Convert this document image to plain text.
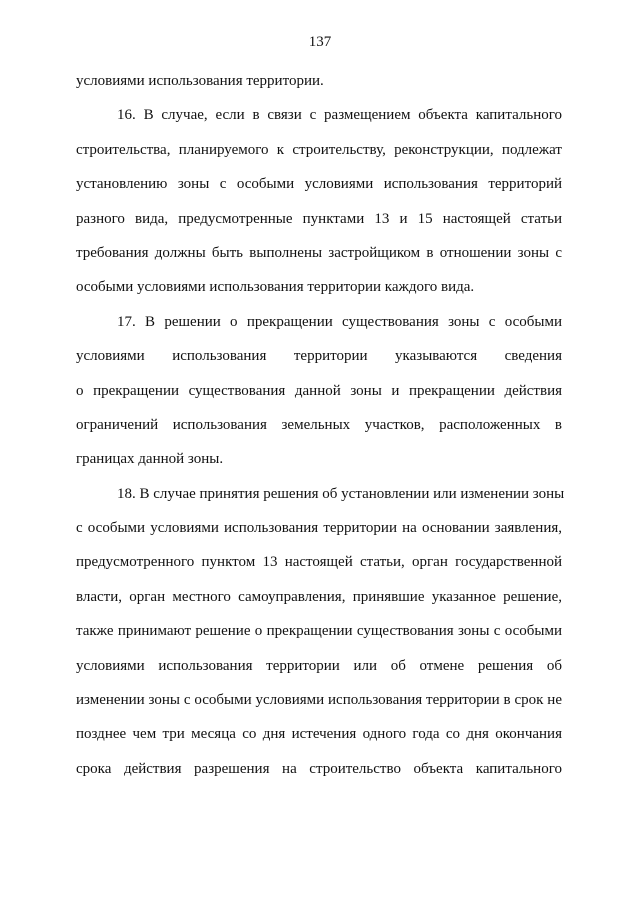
137
условиями использования территории.
16. В случае, если в связи с размещением объекта капитального
строительства, планируемого к строительству, реконструкции, подлежат
установлению зоны с особыми условиями использования территорий
разного вида, предусмотренные пунктами 13 и 15 настоящей статьи
требования должны быть выполнены застройщиком в отношении зоны с
особыми условиями использования территории каждого вида.
17. В решении о прекращении существования зоны с особыми
условиями использования территории указываются сведения
о прекращении существования данной зоны и прекращении действия
ограничений использования земельных участков, расположенных в
границах данной зоны.
18. В случае принятия решения об установлении или изменении зоны
с особыми условиями использования территории на основании заявления,
предусмотренного пунктом 13 настоящей статьи, орган государственной
власти, орган местного самоуправления, принявшие указанное решение,
также принимают решение о прекращении существования зоны с особыми
условиями использования территории или об отмене решения об
изменении зоны с особыми условиями использования территории в срок не
позднее чем три месяца со дня истечения одного года со дня окончания
срока действия разрешения на строительство объекта капитального
